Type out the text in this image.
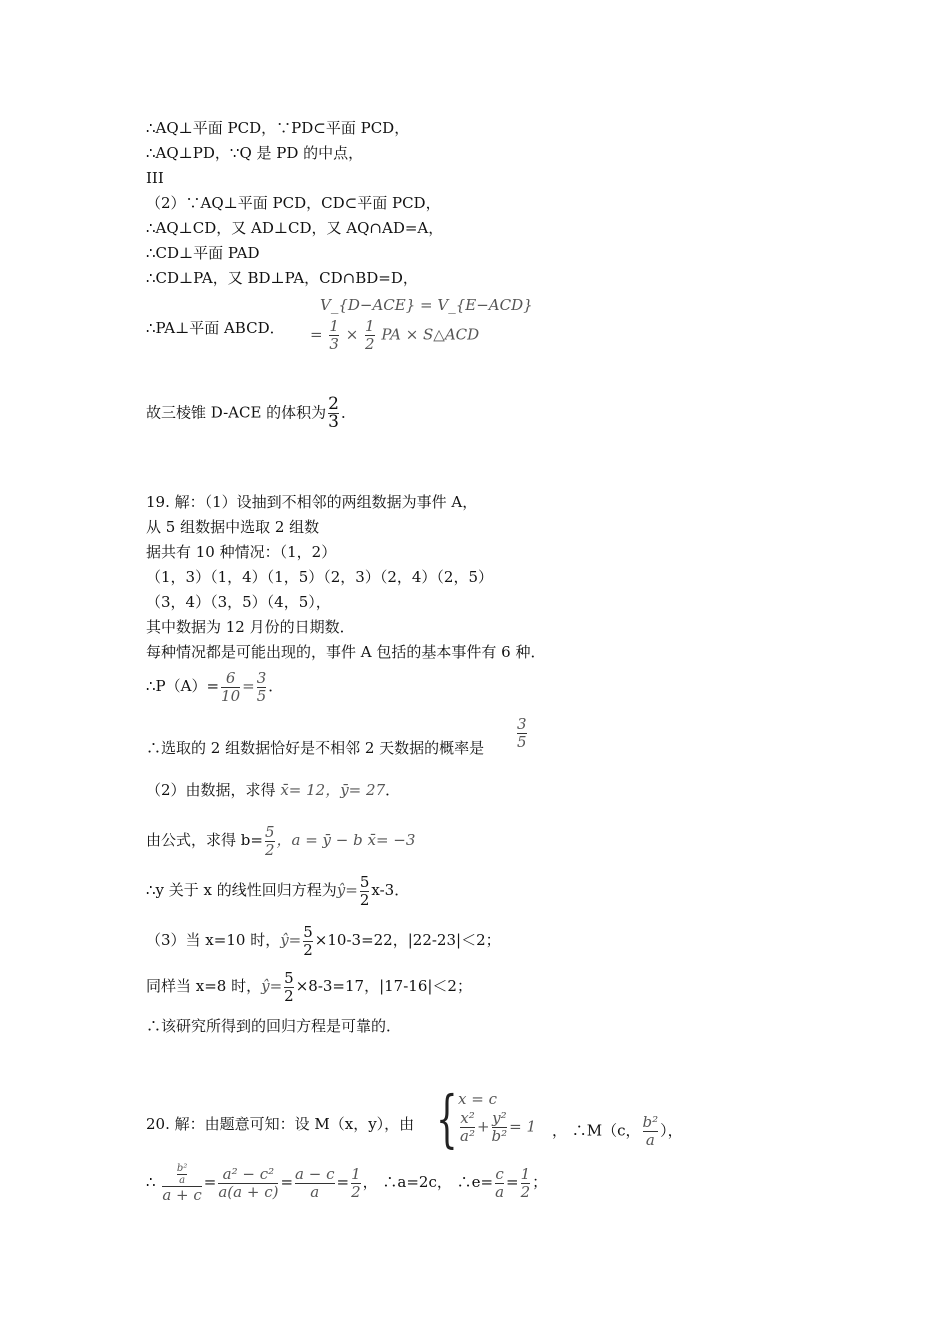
∴AQ⊥平面 PCD，∵PD⊂平面 PCD，
∴AQ⊥PD，∵Q 是 PD 的中点，
III
（2）∵AQ⊥平面 PCD，CD⊂平面 PCD，
∴AQ⊥CD，又 AD⊥CD，又 AQ∩AD=A，
∴CD⊥平面 PAD
∴CD⊥PA，又 BD⊥PA，CD∩BD=D，
∴PA⊥平面 ABCD．
V_{D−ACE} = V_{E−ACD}
= $\frac{1}{3} \times \frac{1}{2}$ PA × S△ACD
故三棱锥 D-ACE 的体积为 $\frac{2}{3}$ ．
19. 解：（1）设抽到不相邻的两组数据为事件 A，
从 5 组数据中选取 2 组数
据共有 10 种情况：（1，2）
（1，3）（1，4）（1，5）（2，3）（2，4）（2，5）
（3，4）（3，5）（4，5），
其中数据为 12 月份的日期数．
每种情况都是可能出现的，事件 A 包括的基本事件有 6 种．
∴P（A）= $\frac{6}{10} = \frac{3}{5}$ ．
∴选取的 2 组数据恰好是不相邻 2 天数据的概率是 $\frac{3}{5}$
（2）由数据，求得 x̄= 12，ȳ= 27．
由公式，求得 $b= \frac{5}{2}$ ，a = ȳ − b x̄= −3
∴y 关于 x 的线性回归方程为ŷ= $\frac{5}{2} x-3$．
（3）当 x=10 时，ŷ= $\frac{5}{2} \times 10-3=22$，|22-23|＜2；
同样当 x=8 时，ŷ= $\frac{5}{2} \times 8-3=17$，|17-16|＜2；
∴该研究所得到的回归方程是可靠的．
20. 解：由题意可知：设 M（x，y），由 { x = c
$\frac{\text{x²}}{\text{a²}} + \frac{\text{y²}}{\text{b²}} = 1$ ， ∴M（c， $\frac{\text{b²}}{a}$ ），
∴ $\frac{\frac{\text{b²}}{a}}{a + c} = \frac{\text{a² − c²}}{a(a + c)} = \frac{a - c}{a} = \frac{1}{2}$ ， ∴a=2c， ∴e= $\frac{c}{a} = \frac{1}{2}$ ；
